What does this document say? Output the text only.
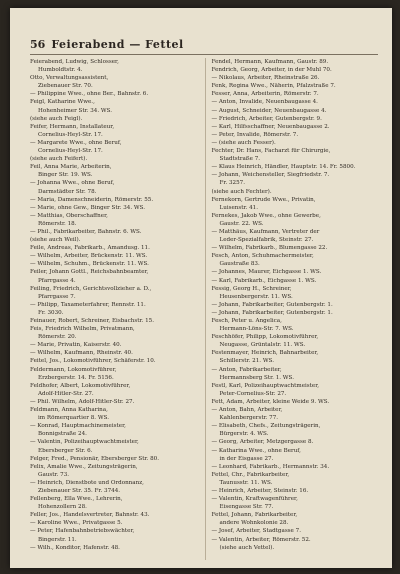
56 Feierabend — Fettel
Feierabend, Ludwig, Schlosser,
Humboldtstr. 4.
Otto, Verwaltungsassistent,
Ziebenauer Str. 70.
— Philippine Wwe., ohne Ber., Bahnstr. 6.
Feigl, Katharine Wwe.,
Hohenheimer Str. 34. WS.
(siehe auch Feigl).
Feifer, Hermann, Installateur,
Cornelius-Heyl-Str. 17.
— Margarete Wwe., ohne Beruf,
Cornelius-Heyl-Str. 17.
(siehe auch Feifert).
Feil, Anna Marie, Arbeiterin,
Binger Str. 19. WS.
— Johanna Wwe., ohne Beruf,
Darmstädter Str. 78.
— Maria, Damenschneiderin, Römerstr. 55.
— Marie, ohne Gew., Binger Str. 34. WS.
— Matthias, Oberschaffner,
Römerstr. 18.
— Phil., Fabrikarbeiter, Bahnstr. 6. WS.
(siehe auch Weil).
Feile, Andreas, Fabrikarb., Amandusg. 11.
— Wilhelm, Arbeiter, Brückenstr. 11. WS.
— Wilhelm, Schuhm., Brückenstr. 11. WS.
Feiler, Johann Gottl., Reichsbahnbeamter,
Pfarrgasse 4.
Feiling, Friedrich, Gerichtsvollzieher a. D.,
Pfarrgasse 7.
— Philipp, Taxameterfahrer, Rennstr. 11.
Fr. 3030.
Feinauer, Robert, Schreiner, Eisbachstr. 15.
Feis, Friedrich Wilhelm, Privatmann,
Römerstr. 20.
— Marie, Privatin, Kaiserstr. 40.
— Wilhelm, Kaufmann, Rheinstr. 40.
Feitel, Jos., Lokomotivführer, Schäferstr. 10.
Feldermann, Lokomotivführer,
Erzbergerstr. 14. Fr. 5156.
Feldhofer, Albert, Lokomotivführer,
Adolf-Hitler-Str. 27.
— Phil. Wilhelm, Adolf-Hitler-Str. 27.
Feldmann, Anna Katharina,
im Römerquartier 8. WS.
— Konrad, Hauptmachinemeister,
Bonnigstraße 24.
— Valentin, Polizeihauptwachtmeister,
Ebersberger Str. 6.
Felger, Fred., Pensionär, Ebersberger Str. 80.
Felix, Amalie Wwe., Zeitungsträgerin,
Gaustr. 73.
— Heinrich, Dienstbote und Ordonnanz,
Ziebenauer Str. 35. Fr. 3744.
Fellenberg, Ella Wwe., Lehrerin,
Hohenzollern 28.
Feller, Jos., Handelsvertreter, Bahnstr. 43.
— Karoline Wwe., Privatgasse 5.
— Peter, Hafenbahnbetriebswächter,
Bingerstr. 11.
— Wilh., Konditor, Hafenstr. 48.
Fendel, Hermann, Kaufmann, Gaustr. 89.
Fendrich, Georg, Arbeiter, in der Muhl 70.
— Nikolaus, Arbeiter, Rheinstraße 26.
Fenk, Regina Wwe., Näherin, Pfalzstraße 7.
Fesser, Anna, Arbeiterin, Römerstr. 7.
— Anton, Invalide, Neuenbaugasse 4.
— August, Schneider, Neuenbaugasse 4.
— Friedrich, Arbeiter, Gutenbergstr. 9.
— Karl, Hilfsschaffner, Neuenbaugasse 2.
— Peter, Invalide, Römerstr. 7.
— (siehe auch Fesser).
Fechter, Dr. Hans, Facharzt für Chirurgie,
Stadtstraße 7.
— Klaus Heinrich, Händler, Hauptstr. 14. Fr. 5800.
— Johann, Weichensteller, Siegfriedstr. 7.
Fr. 3257.
(siehe auch Fechter).
Fernekorn, Gertrude Wwe., Privatin,
Luisenstr. 41.
Fernekes, Jakob Wwe., ohne Gewerbe,
Gaustr. 22. WS.
— Matthäus, Kaufmann, Vertreter der
Leder-Spezialfabrik, Steinstr. 27.
— Wilhelm, Fabrikarb., Blumengasse 22.
Fesch, Anton, Schuhmachermeister,
Gaustraße 83.
— Johannes, Maurer, Eichgasse 1. WS.
— Karl, Fabrikarb., Eichgasse 1. WS.
Fessig, Georg H., Schreiner,
Heusenbergerstr. 11. WS.
— Johann, Fabrikarbeiter, Gutenbergstr. 1.
— Johann, Fabrikarbeiter, Gutenbergstr. 1.
Fesch, Peter u. Angelica,
Hermann-Löns-Str. 7. WS.
Feschhöfer, Philipp, Lokomotivführer,
Neugasse, Grüntalstr. 11. WS.
Festenmayer, Heinrich, Bahnarbeiter,
Schillerstr. 21. WS.
— Anton, Fabrikarbeiter,
Hermannsberg Str. 1. WS.
Festl, Karl, Polizeihauptwachtmeister,
Peter-Cornelius-Str. 27.
Fett, Adam, Arbeiter, kleine Weide 9. WS.
— Anton, Bahn, Arbeiter,
Kahlenbergerstr. 77.
— Elisabeth, Chefs., Zeitungsträgerin,
Bürgerstr. 4. WS.
— Georg, Arbeiter, Metzgergasse 8.
— Katharina Wwe., ohne Beruf,
in der Eisgasse 27.
— Leonhard, Fabrikarb., Hermannstr. 34.
Fettel, Chr., Fabrikarbeiter,
Taunusstr. 11. WS.
— Heinrich, Arbeiter, Steinstr. 16.
— Valentin, Kraftwagenführer,
Eisengasse Str. 77.
Fettel, Johann, Fabrikarbeiter,
andere Wohnkolonie 28.
— Josef, Arbeiter, Stadtgasse 7.
— Valentin, Arbeiter, Römerstr. 52.
(siehe auch Vettel).
